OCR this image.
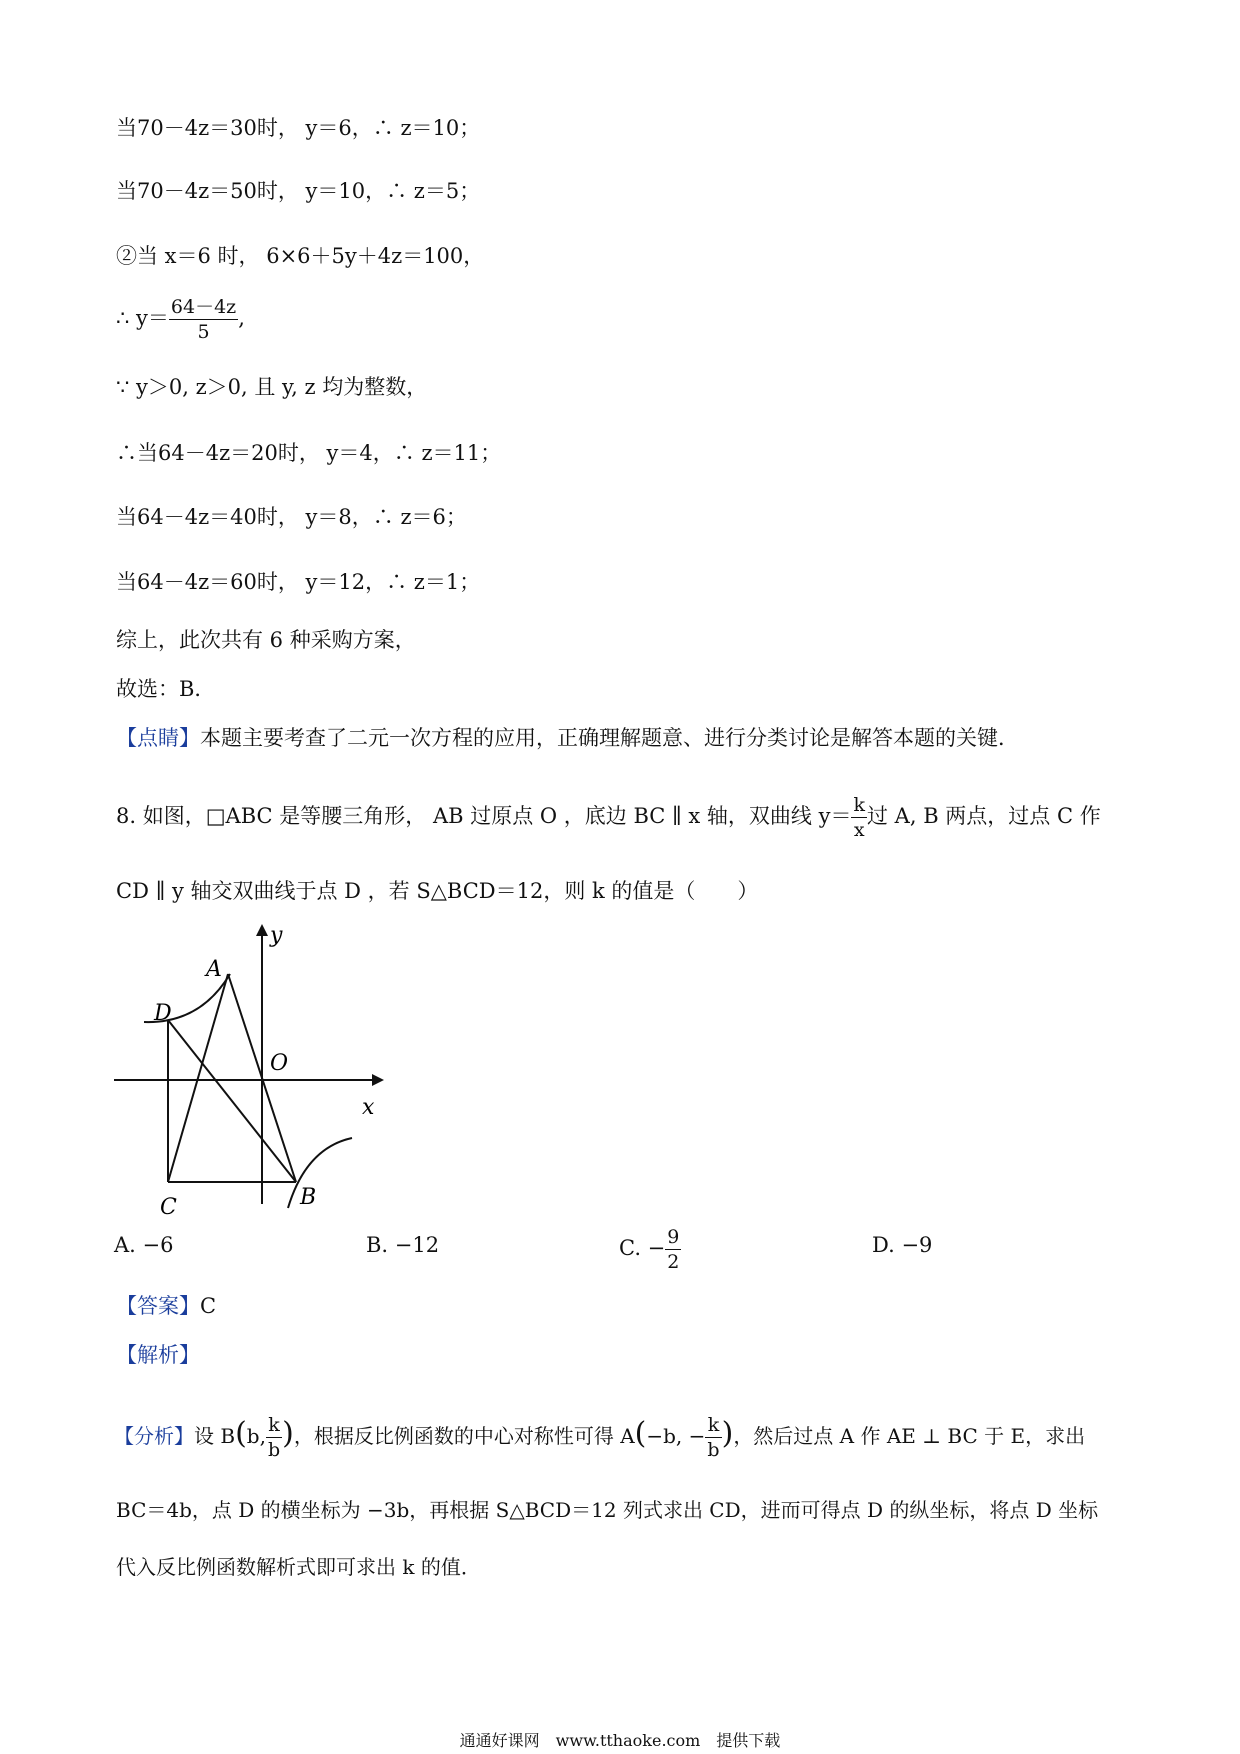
当70－4z＝30时， y＝6，∴ z＝10；
当70－4z＝50时， y＝10，∴ z＝5；
②当 x＝6 时， 6×6＋5y＋4z＝100，
∴ $y= \frac{64-4z}{5}$ ,
∵ y＞0, z＞0, 且 y, z 均为整数，
∴当64－4z＝20时， y＝4，∴ z＝11；
当64－4z＝40时， y＝8，∴ z＝6；
当64－4z＝60时， y＝12，∴ z＝1；
综上，此次共有 6 种采购方案，
故选：B．
【点睛】本题主要考查了二元一次方程的应用，正确理解题意、进行分类讨论是解答本题的关键．
8. 如图，□ABC 是等腰三角形， AB 过原点 O ，底边 BC ∥ x 轴，双曲线 $y= \frac{k}{x}$ 过 A, B 两点，过点 C 作
CD ∥ y 轴交双曲线于点 D ，若 S△BCD＝12，则 k 的值是（　　）
y
x
O
A
B
C
D
A. −6	B. −12	C. − $\frac{9}{2}$	D. −9
【答案】C
【解析】
【分析】设 B(b, $\frac{k}{b}$ )，根据反比例函数的中心对称性可得 A(−b, − $\frac{k}{b}$ )，然后过点 A 作 AE ⊥ BC 于 E，求出
BC＝4b，点 D 的横坐标为 −3b，再根据 S△BCD＝12 列式求出 CD，进而可得点 D 的纵坐标，将点 D 坐标
代入反比例函数解析式即可求出 k 的值．
通通好课网　www.tthaoke.com　提供下载
